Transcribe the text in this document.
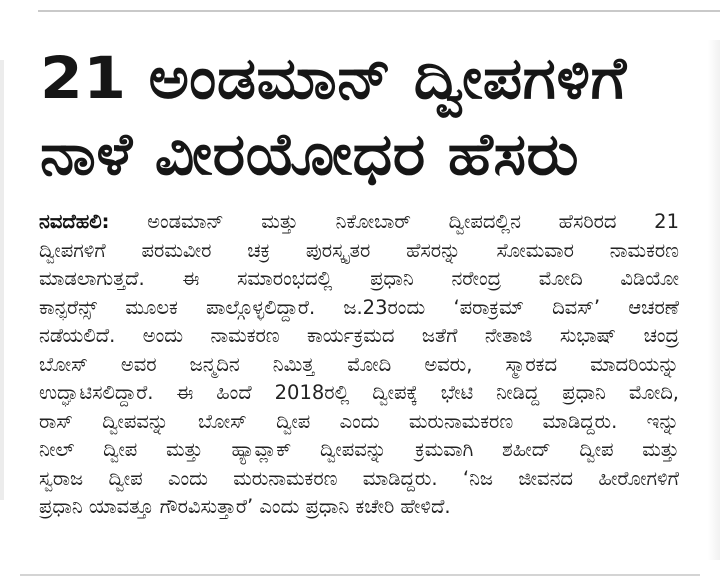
21 ಅಂಡಮಾನ್ ದ್ವೀಪಗಳಿಗೆ
ನಾಳೆ ವೀರಯೋಧರ ಹೆಸರು
ನವದೆಹಲಿ: ಅಂಡಮಾನ್ ಮತ್ತು ನಿಕೋಬಾರ್ ದ್ವೀಪದಲ್ಲಿನ ಹೆಸರಿರದ 21
ದ್ವೀಪಗಳಿಗೆ ಪರಮವೀರ ಚಕ್ರ ಪುರಸ್ಕೃತರ ಹೆಸರನ್ನು ಸೋಮವಾರ ನಾಮಕರಣ
ಮಾಡಲಾಗುತ್ತದೆ. ಈ ಸಮಾರಂಭದಲ್ಲಿ ಪ್ರಧಾನಿ ನರೇಂದ್ರ ಮೋದಿ ವಿಡಿಯೋ
ಕಾನ್ಫರೆನ್ಸ್ ಮೂಲಕ ಪಾಲ್ಗೊಳ್ಳಲಿದ್ದಾರೆ. ಜ.23ರಂದು ‘ಪರಾಕ್ರಮ್ ದಿವಸ್’ ಆಚರಣೆ
ನಡೆಯಲಿದೆ. ಅಂದು ನಾಮಕರಣ ಕಾರ್ಯಕ್ರಮದ ಜತೆಗೆ ನೇತಾಜಿ ಸುಭಾಷ್ ಚಂದ್ರ
ಬೋಸ್ ಅವರ ಜನ್ಮದಿನ ನಿಮಿತ್ತ ಮೋದಿ ಅವರು, ಸ್ಮಾರಕದ ಮಾದರಿಯನ್ನು
ಉದ್ಘಾಟಿಸಲಿದ್ದಾರೆ. ಈ ಹಿಂದೆ 2018ರಲ್ಲಿ ದ್ವೀಪಕ್ಕೆ ಭೇಟಿ ನೀಡಿದ್ದ ಪ್ರಧಾನಿ ಮೋದಿ,
ರಾಸ್ ದ್ವೀಪವನ್ನು ಬೋಸ್ ದ್ವೀಪ ಎಂದು ಮರುನಾಮಕರಣ ಮಾಡಿದ್ದರು. ಇನ್ನು
ನೀಲ್ ದ್ವೀಪ ಮತ್ತು ಹ್ಯಾವ್ಲಾಕ್ ದ್ವೀಪವನ್ನು ಕ್ರಮವಾಗಿ ಶಹೀದ್ ದ್ವೀಪ ಮತ್ತು
ಸ್ವರಾಜ ದ್ವೀಪ ಎಂದು ಮರುನಾಮಕರಣ ಮಾಡಿದ್ದರು. ‘ನಿಜ ಜೀವನದ ಹೀರೋಗಳಿಗೆ
ಪ್ರಧಾನಿ ಯಾವತ್ತೂ ಗೌರವಿಸುತ್ತಾರೆ’ ಎಂದು ಪ್ರಧಾನಿ ಕಚೇರಿ ಹೇಳಿದೆ.
